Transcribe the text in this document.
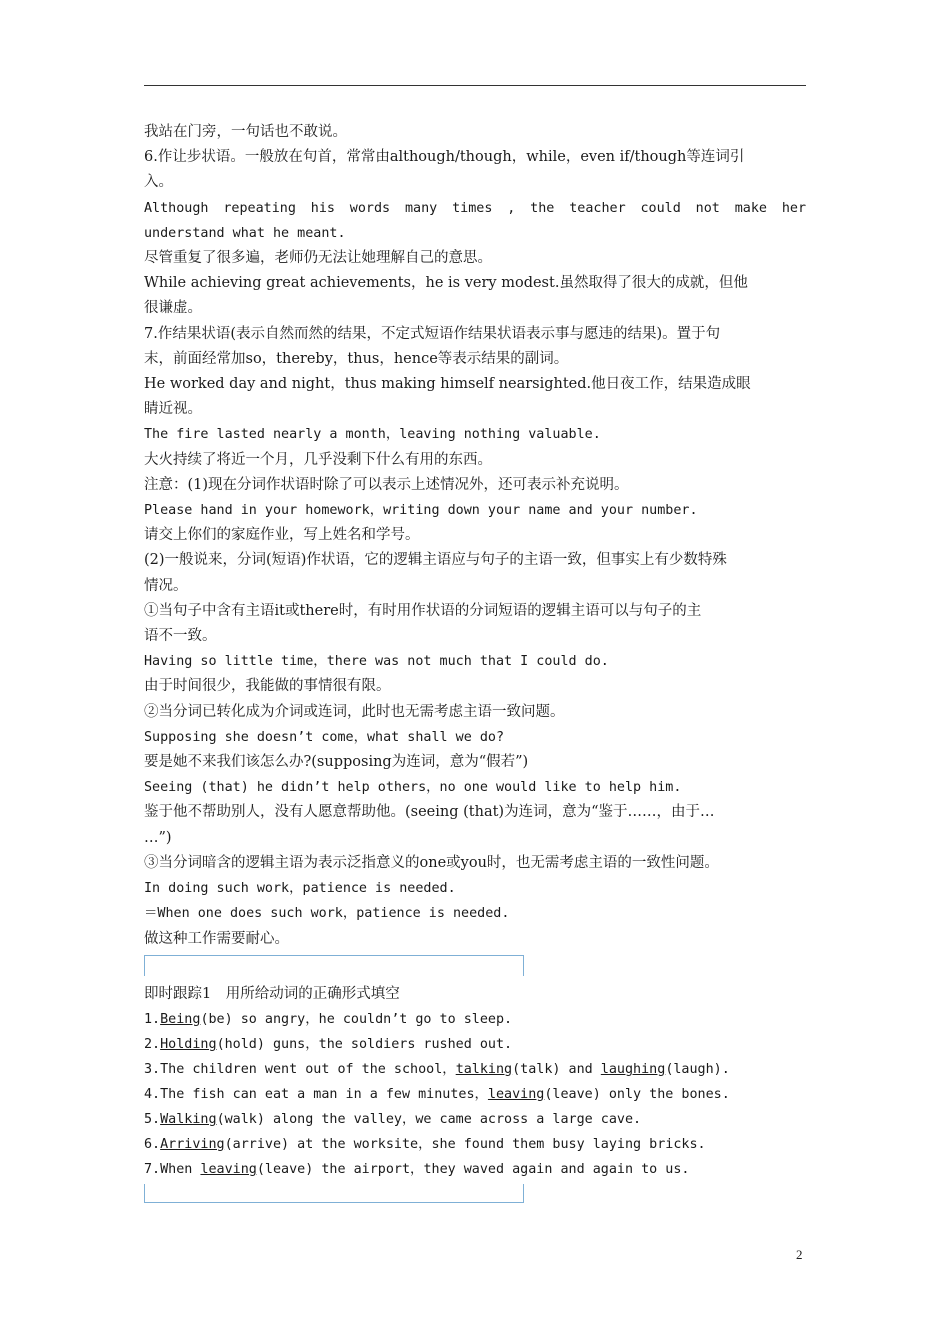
我站在门旁，一句话也不敢说。
6.作让步状语。一般放在句首，常常由although/though，while，even if/though等连词引
入。
Although repeating his words many times , the teacher could not make her
understand what he meant.
尽管重复了很多遍，老师仍无法让她理解自己的意思。
While achieving great achievements，he is very modest.虽然取得了很大的成就，但他
很谦虚。
7.作结果状语(表示自然而然的结果，不定式短语作结果状语表示事与愿违的结果)。置于句
末，前面经常加so，thereby，thus，hence等表示结果的副词。
He worked day and night，thus making himself nearsighted.他日夜工作，结果造成眼
睛近视。
The fire lasted nearly a month，leaving nothing valuable.
大火持续了将近一个月，几乎没剩下什么有用的东西。
注意：(1)现在分词作状语时除了可以表示上述情况外，还可表示补充说明。
Please hand in your homework，writing down your name and your number.
请交上你们的家庭作业，写上姓名和学号。
(2)一般说来，分词(短语)作状语，它的逻辑主语应与句子的主语一致，但事实上有少数特殊
情况。
①当句子中含有主语it或there时，有时用作状语的分词短语的逻辑主语可以与句子的主
语不一致。
Having so little time，there was not much that I could do.
由于时间很少，我能做的事情很有限。
②当分词已转化成为介词或连词，此时也无需考虑主语一致问题。
Supposing she doesn’t come，what shall we do?
要是她不来我们该怎么办?(supposing为连词，意为“假若”)
Seeing (that) he didn’t help others，no one would like to help him.
鉴于他不帮助别人，没有人愿意帮助他。(seeing (that)为连词，意为“鉴于……，由于…
…”)
③当分词暗含的逻辑主语为表示泛指意义的one或you时，也无需考虑主语的一致性问题。
In doing such work，patience is needed.
＝When one does such work，patience is needed.
做这种工作需要耐心。
即时跟踪1　用所给动词的正确形式填空
1.Being(be) so angry，he couldn’t go to sleep.
2.Holding(hold) guns，the soldiers rushed out.
3.The children went out of the school，talking(talk) and laughing(laugh).
4.The fish can eat a man in a few minutes，leaving(leave) only the bones.
5.Walking(walk) along the valley，we came across a large cave.
6.Arriving(arrive) at the worksite，she found them busy laying bricks.
7.When leaving(leave) the airport，they waved again and again to us.
2
